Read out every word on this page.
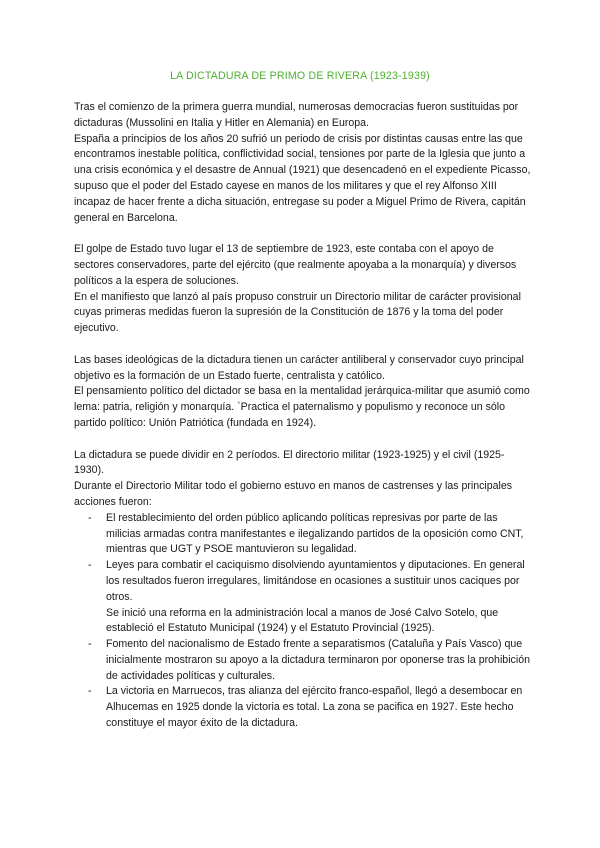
LA DICTADURA DE PRIMO DE RIVERA (1923-1939)

Tras el comienzo de la primera guerra mundial, numerosas democracias fueron sustituidas por dictaduras (Mussolini en Italia y Hitler en Alemania) en Europa.

España a principios de los años 20 sufrió un periodo de crisis por distintas causas entre las que encontramos inestable política, conflictividad social, tensiones por parte de la Iglesia que junto a una crisis económica y el desastre de Annual (1921) que desencadenó en el expediente Picasso, supuso que el poder del Estado cayese en manos de los militares y que el rey Alfonso XIII incapaz de hacer frente a dicha situación, entregase su poder a Miguel Primo de Rivera, capitán general en Barcelona.

El golpe de Estado tuvo lugar el 13 de septiembre de 1923, este contaba con el apoyo de sectores conservadores, parte del ejército (que realmente apoyaba a la monarquía) y diversos políticos a la espera de soluciones.

En el manifiesto que lanzó al país propuso construir un Directorio militar de carácter provisional cuyas primeras medidas fueron la supresión de la Constitución de 1876 y la toma del poder ejecutivo.

Las bases ideológicas de la dictadura tienen un carácter antiliberal y conservador cuyo principal objetivo es la formación de un Estado fuerte, centralista y católico.

El pensamiento político del dictador se basa en la mentalidad jerárquica-militar que asumió como lema: patria, religión y monarquía. `Practica el paternalismo y populismo y reconoce un sólo partido político: Unión Patriótica (fundada en 1924).

La dictadura se puede dividir en 2 períodos. El directorio militar (1923-1925) y el civil (1925-1930).

Durante el Directorio Militar todo el gobierno estuvo en manos de castrenses y las principales acciones fueron:

- El restablecimiento del orden público aplicando políticas represivas por parte de las milicias armadas contra manifestantes e ilegalizando partidos de la oposición como CNT, mientras que UGT y PSOE mantuvieron su legalidad.
- Leyes para combatir el caciquismo disolviendo ayuntamientos y diputaciones. En general los resultados fueron irregulares, limitándose en ocasiones a sustituir unos caciques por otros.
Se inició una reforma en la administración local a manos de José Calvo Sotelo, que estableció el Estatuto Municipal (1924) y el Estatuto Provincial (1925).
- Fomento del nacionalismo de Estado frente a separatismos (Cataluña y País Vasco) que inicialmente mostraron su apoyo a la dictadura terminaron por oponerse tras la prohibición de actividades políticas y culturales.
- La victoria en Marruecos, tras alianza del ejército franco-español, llegó a desembocar en Alhucemas en 1925 donde la victoria es total. La zona se pacifica en 1927. Este hecho constituye el mayor éxito de la dictadura.
